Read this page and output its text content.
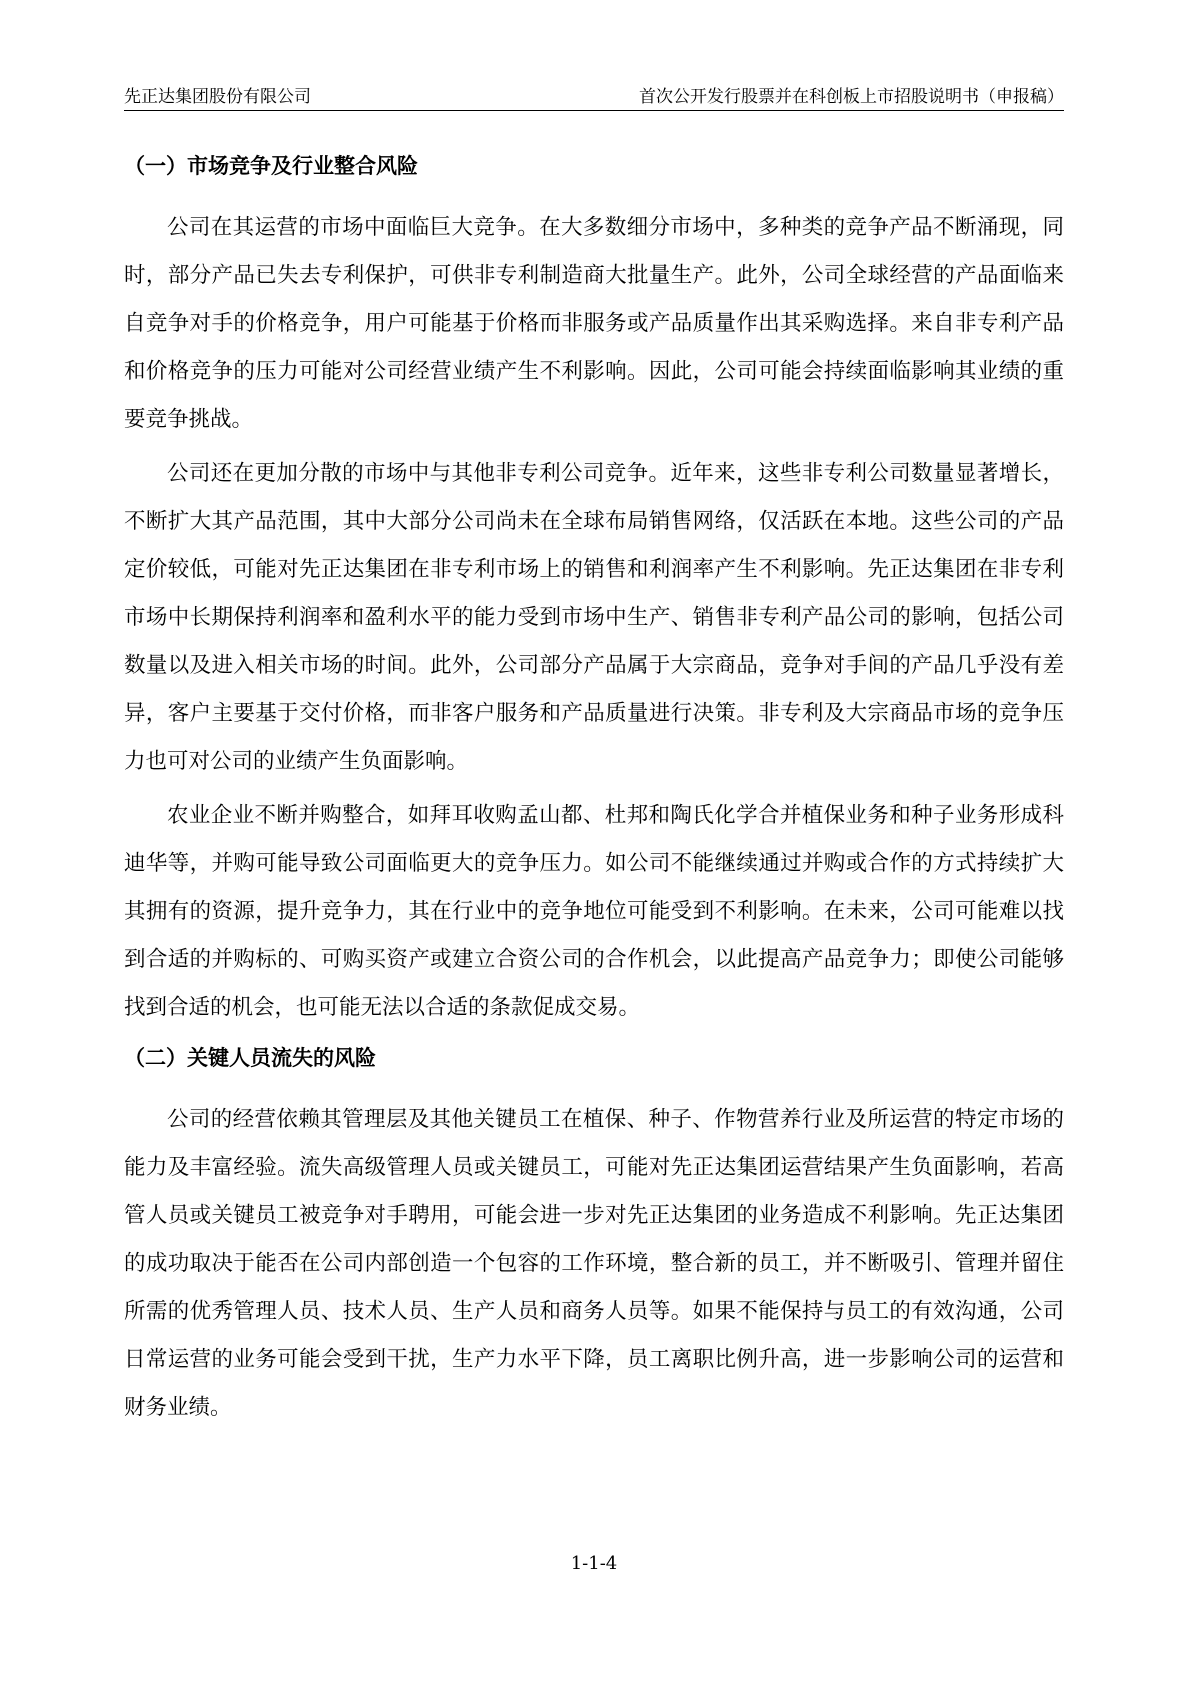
先正达集团股份有限公司	首次公开发行股票并在科创板上市招股说明书（申报稿）
（一）市场竞争及行业整合风险

公司在其运营的市场中面临巨大竞争。在大多数细分市场中，多种类的竞争产品不断涌现，同时，部分产品已失去专利保护，可供非专利制造商大批量生产。此外，公司全球经营的产品面临来自竞争对手的价格竞争，用户可能基于价格而非服务或产品质量作出其采购选择。来自非专利产品和价格竞争的压力可能对公司经营业绩产生不利影响。因此，公司可能会持续面临影响其业绩的重要竞争挑战。

公司还在更加分散的市场中与其他非专利公司竞争。近年来，这些非专利公司数量显著增长，不断扩大其产品范围，其中大部分公司尚未在全球布局销售网络，仅活跃在本地。这些公司的产品定价较低，可能对先正达集团在非专利市场上的销售和利润率产生不利影响。先正达集团在非专利市场中长期保持利润率和盈利水平的能力受到市场中生产、销售非专利产品公司的影响，包括公司数量以及进入相关市场的时间。此外，公司部分产品属于大宗商品，竞争对手间的产品几乎没有差异，客户主要基于交付价格，而非客户服务和产品质量进行决策。非专利及大宗商品市场的竞争压力也可对公司的业绩产生负面影响。

农业企业不断并购整合，如拜耳收购孟山都、杜邦和陶氏化学合并植保业务和种子业务形成科迪华等，并购可能导致公司面临更大的竞争压力。如公司不能继续通过并购或合作的方式持续扩大其拥有的资源，提升竞争力，其在行业中的竞争地位可能受到不利影响。在未来，公司可能难以找到合适的并购标的、可购买资产或建立合资公司的合作机会，以此提高产品竞争力；即使公司能够找到合适的机会，也可能无法以合适的条款促成交易。

（二）关键人员流失的风险

公司的经营依赖其管理层及其他关键员工在植保、种子、作物营养行业及所运营的特定市场的能力及丰富经验。流失高级管理人员或关键员工，可能对先正达集团运营结果产生负面影响，若高管人员或关键员工被竞争对手聘用，可能会进一步对先正达集团的业务造成不利影响。先正达集团的成功取决于能否在公司内部创造一个包容的工作环境，整合新的员工，并不断吸引、管理并留住所需的优秀管理人员、技术人员、生产人员和商务人员等。如果不能保持与员工的有效沟通，公司日常运营的业务可能会受到干扰，生产力水平下降，员工离职比例升高，进一步影响公司的运营和财务业绩。

1-1-4
